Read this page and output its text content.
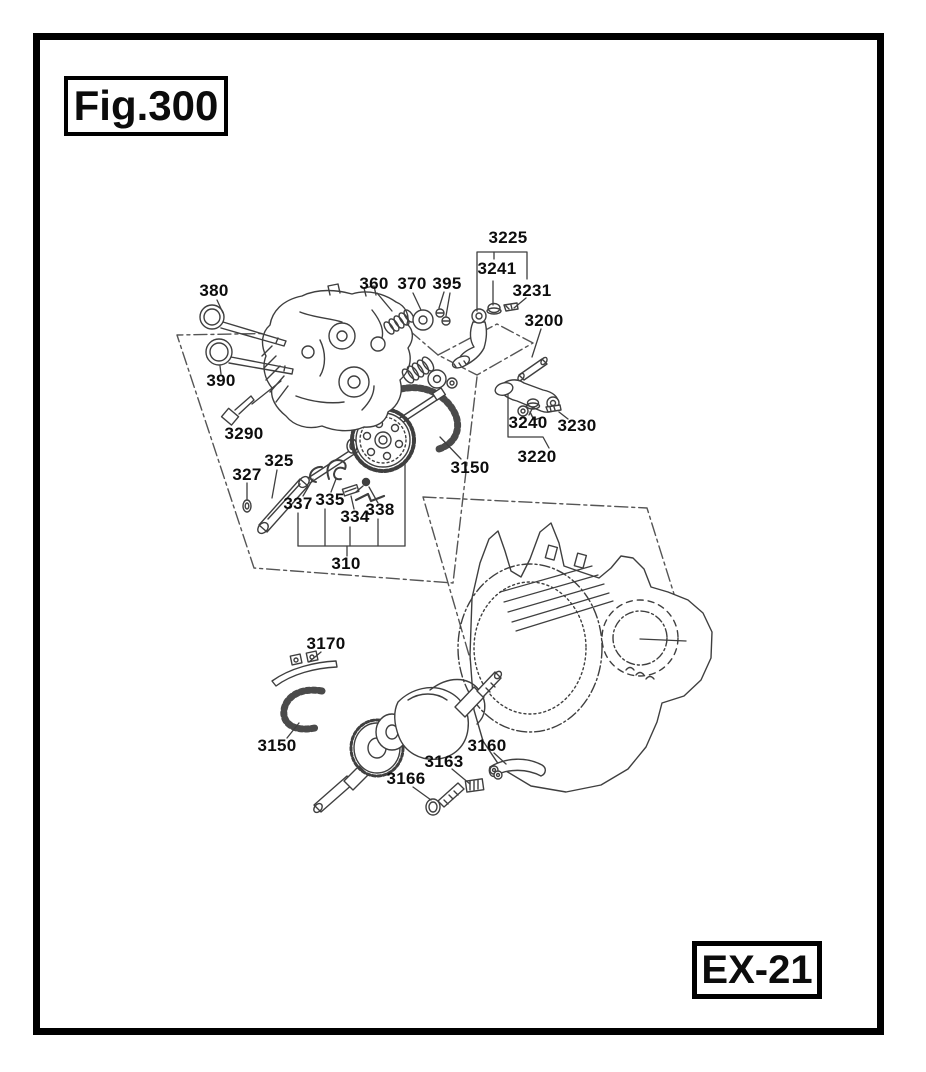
Fig.300
EX-21
380
390
3290
360 370 395
3225
3241
3231
3200
3240 3230
3220
3150
325
327
337 335
334
338
310
3170
3150
3166
3163
3160
